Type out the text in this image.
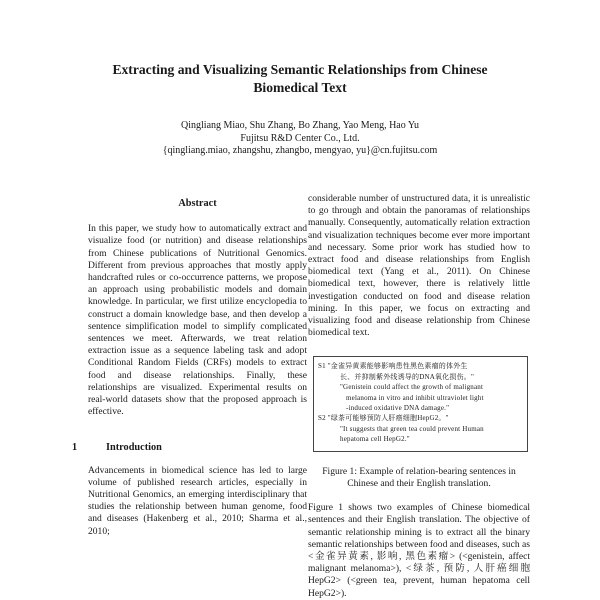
Extracting and Visualizing Semantic Relationships from Chinese
Biomedical Text
Qingliang Miao, Shu Zhang, Bo Zhang, Yao Meng, Hao Yu
Fujitsu R&D Center Co., Ltd.
{qingliang.miao, zhangshu, zhangbo, mengyao, yu}@cn.fujitsu.com
Abstract

In this paper, we study how to automatically extract and visualize food (or nutrition) and disease relationships from Chinese publications of Nutritional Genomics. Different from previous approaches that mostly apply handcrafted rules or co-occurrence patterns, we propose an approach using probabilistic models and domain knowledge. In particular, we first utilize encyclopedia to construct a domain knowledge base, and then develop a sentence simplification model to simplify complicated sentences we meet. Afterwards, we treat relation extraction issue as a sequence labeling task and adopt Conditional Random Fields (CRFs) models to extract food and disease relationships. Finally, these relationships are visualized. Experimental results on real-world datasets show that the proposed approach is effective.

1	Introduction

Advancements in biomedical science has led to large volume of published research articles, especially in Nutritional Genomics, an emerging interdisciplinary that studies the relationship between human genome, food and diseases (Hakenberg et al., 2010; Sharma et al., 2010;

considerable number of unstructured data, it is unrealistic to go through and obtain the panoramas of relationships manually. Consequently, automatically relation extraction and visualization techniques become ever more important and necessary. Some prior work has studied how to extract food and disease relationships from English biomedical text (Yang et al., 2011). On Chinese biomedical text, however, there is relatively little investigation conducted on food and disease relation mining. In this paper, we focus on extracting and visualizing food and disease relationship from Chinese biomedical text.

S1 "金雀异黄素能够影响患性黑色素瘤的体外生
长、并抑制紫外线诱导的DNA氧化损伤。"
"Genistein could affect the growth of malignant
melanoma in vitro and inhibit ultraviolet light
-induced oxidative DNA damage."
S2 "绿茶可能够预防人肝癌细胞HepG2。"
"It suggests that green tea could prevent Human
hepatoma cell HepG2."

Figure 1: Example of relation-bearing sentences in Chinese and their English translation.

Figure 1 shows two examples of Chinese biomedical sentences and their English translation. The objective of semantic relationship mining is to extract all the binary semantic relationships between food and diseases, such as <金雀异黄素, 影响, 黑色素瘤> (<genistein, affect malignant melanoma>), <绿茶, 预防, 人肝癌细胞 HepG2> (<green tea, prevent, human hepatoma cell HepG2>).
